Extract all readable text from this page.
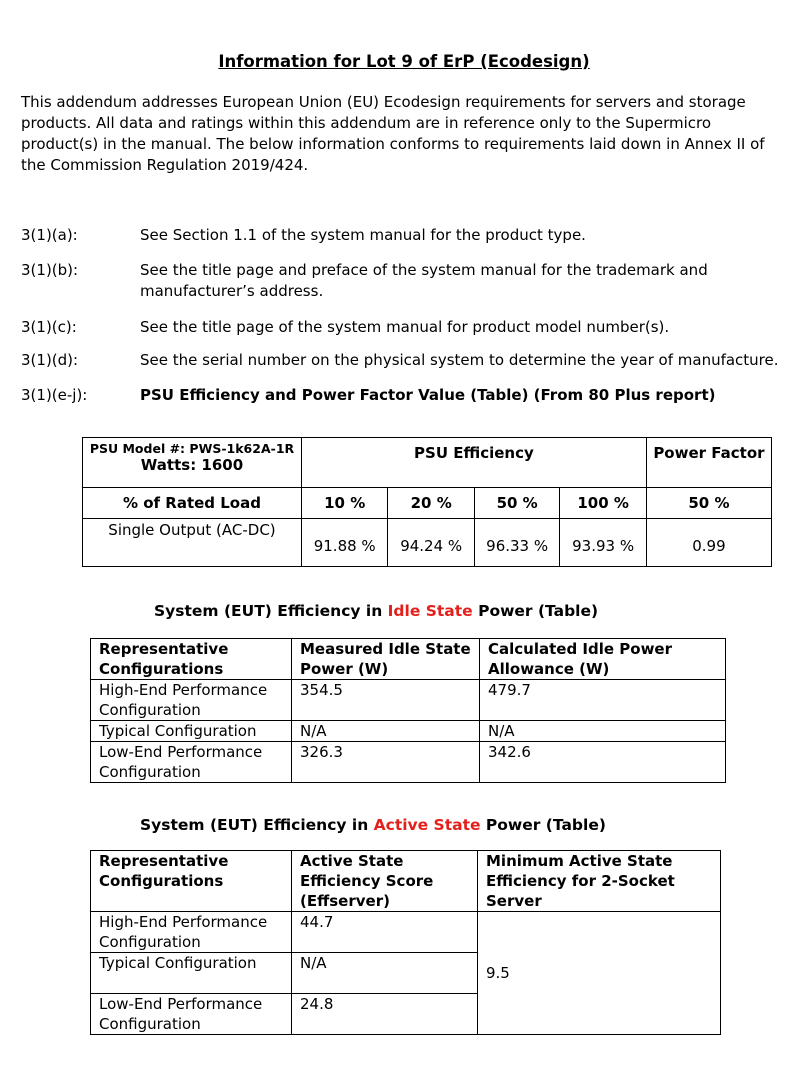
Information for Lot 9 of ErP (Ecodesign)

This addendum addresses European Union (EU) Ecodesign requirements for servers and storage products. All data and ratings within this addendum are in reference only to the Supermicro product(s) in the manual. The below information conforms to requirements laid down in Annex II of the Commission Regulation 2019/424.

3(1)(a):	See Section 1.1 of the system manual for the product type.
3(1)(b):	See the title page and preface of the system manual for the trademark and manufacturer’s address.
3(1)(c):	See the title page of the system manual for product model number(s).
3(1)(d):	See the serial number on the physical system to determine the year of manufacture.
3(1)(e-j):	PSU Efficiency and Power Factor Value (Table) (From 80 Plus report)
PSU Model #: PWS-1k62A-1R
Watts: 1600	PSU Efficiency				Power Factor
% of Rated Load	10 %	20 %	50 %	100 %	50 %
Single Output (AC-DC)	91.88 %	94.24 %	96.33 %	93.93 %	0.99
System (EUT) Efficiency in Idle State Power (Table)
Representative Configurations	Measured Idle State Power (W)	Calculated Idle Power Allowance (W)
High-End Performance Configuration	354.5	479.7
Typical Configuration	N/A	N/A
Low-End Performance Configuration	326.3	342.6
System (EUT) Efficiency in Active State Power (Table)
Representative Configurations	Active State Efficiency Score (Effserver)	Minimum Active State Efficiency for 2-Socket Server
High-End Performance Configuration	44.7	9.5
Typical Configuration	N/A	
Low-End Performance Configuration	24.8	
